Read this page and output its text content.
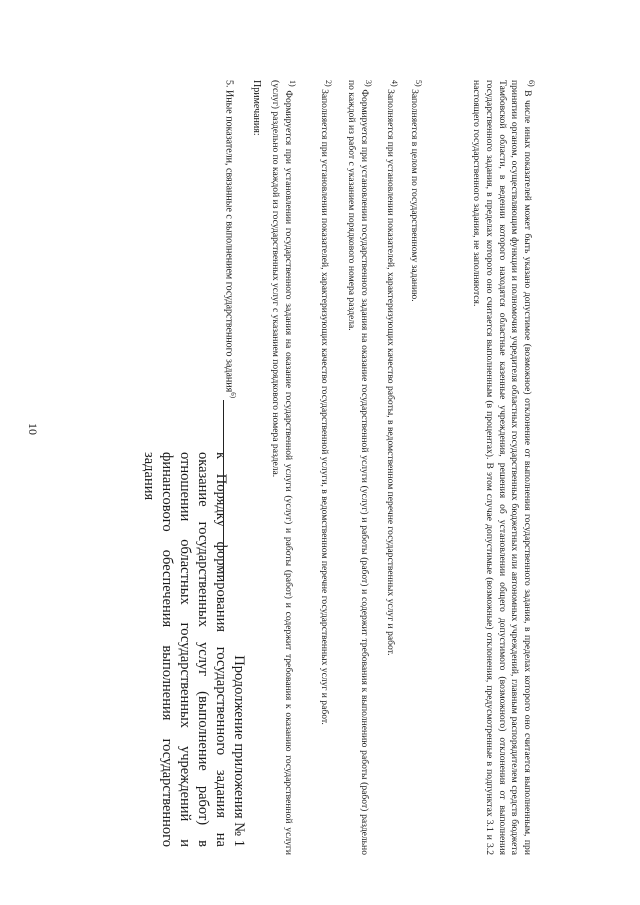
10
Продолжение приложения № 1
к Порядку формирования государственного задания на оказание государственных услуг (выполнение работ) в отношении областных государственных учреждений и финансового обеспечения выполнения государственного задания
5. Иные показатели, связанные с выполнением государственного задания$^{6)}$
Примечания:	$^{1)}$ Формируется при установлении государственного задания на оказание государственной услуги (услуг) и работы (работ) и содержит требования к оказанию государственной услуги (услуг) раздельно по каждой из государственных услуг с указанием порядкового номера раздела.	$^{2)}$ Заполняется при установлении показателей, характеризующих качество государственной услуги, в ведомственном перечне государственных услуг и работ.

$^{3)}$ Формируется при установлении государственного задания на оказание государственной услуги (услуг) и работы (работ) и содержит требования к выполнению работы (работ) раздельно по каждой из работ с указанием порядкового номера раздела.	$^{4)}$ Заполняется при установлении показателей, характеризующих качество работы, в ведомственном перечне государственных услуг и работ.

$^{5)}$ Заполняется в целом по государственному заданию.

$^{6)}$ В числе иных показателей может быть указано допустимое (возможное) отклонение от выполнения государственного задания, в пределах которого оно считается выполненным, при принятии органом, осуществляющим функции и полномочия учредителя областных государственных бюджетных или автономных учреждений, главным распорядителем средств бюджета Тамбовской области, в ведении которого находятся областные казенные учреждения, решения об установлении общего допустимого (возможного) отклонения от выполнения государственного задания, в пределах которого оно считается выполненным (в процентах). В этом случае допустимые (возможные) отклонения, предусмотренные в подпунктах 3.1 и 3.2 настоящего государственного задания, не заполняются.
